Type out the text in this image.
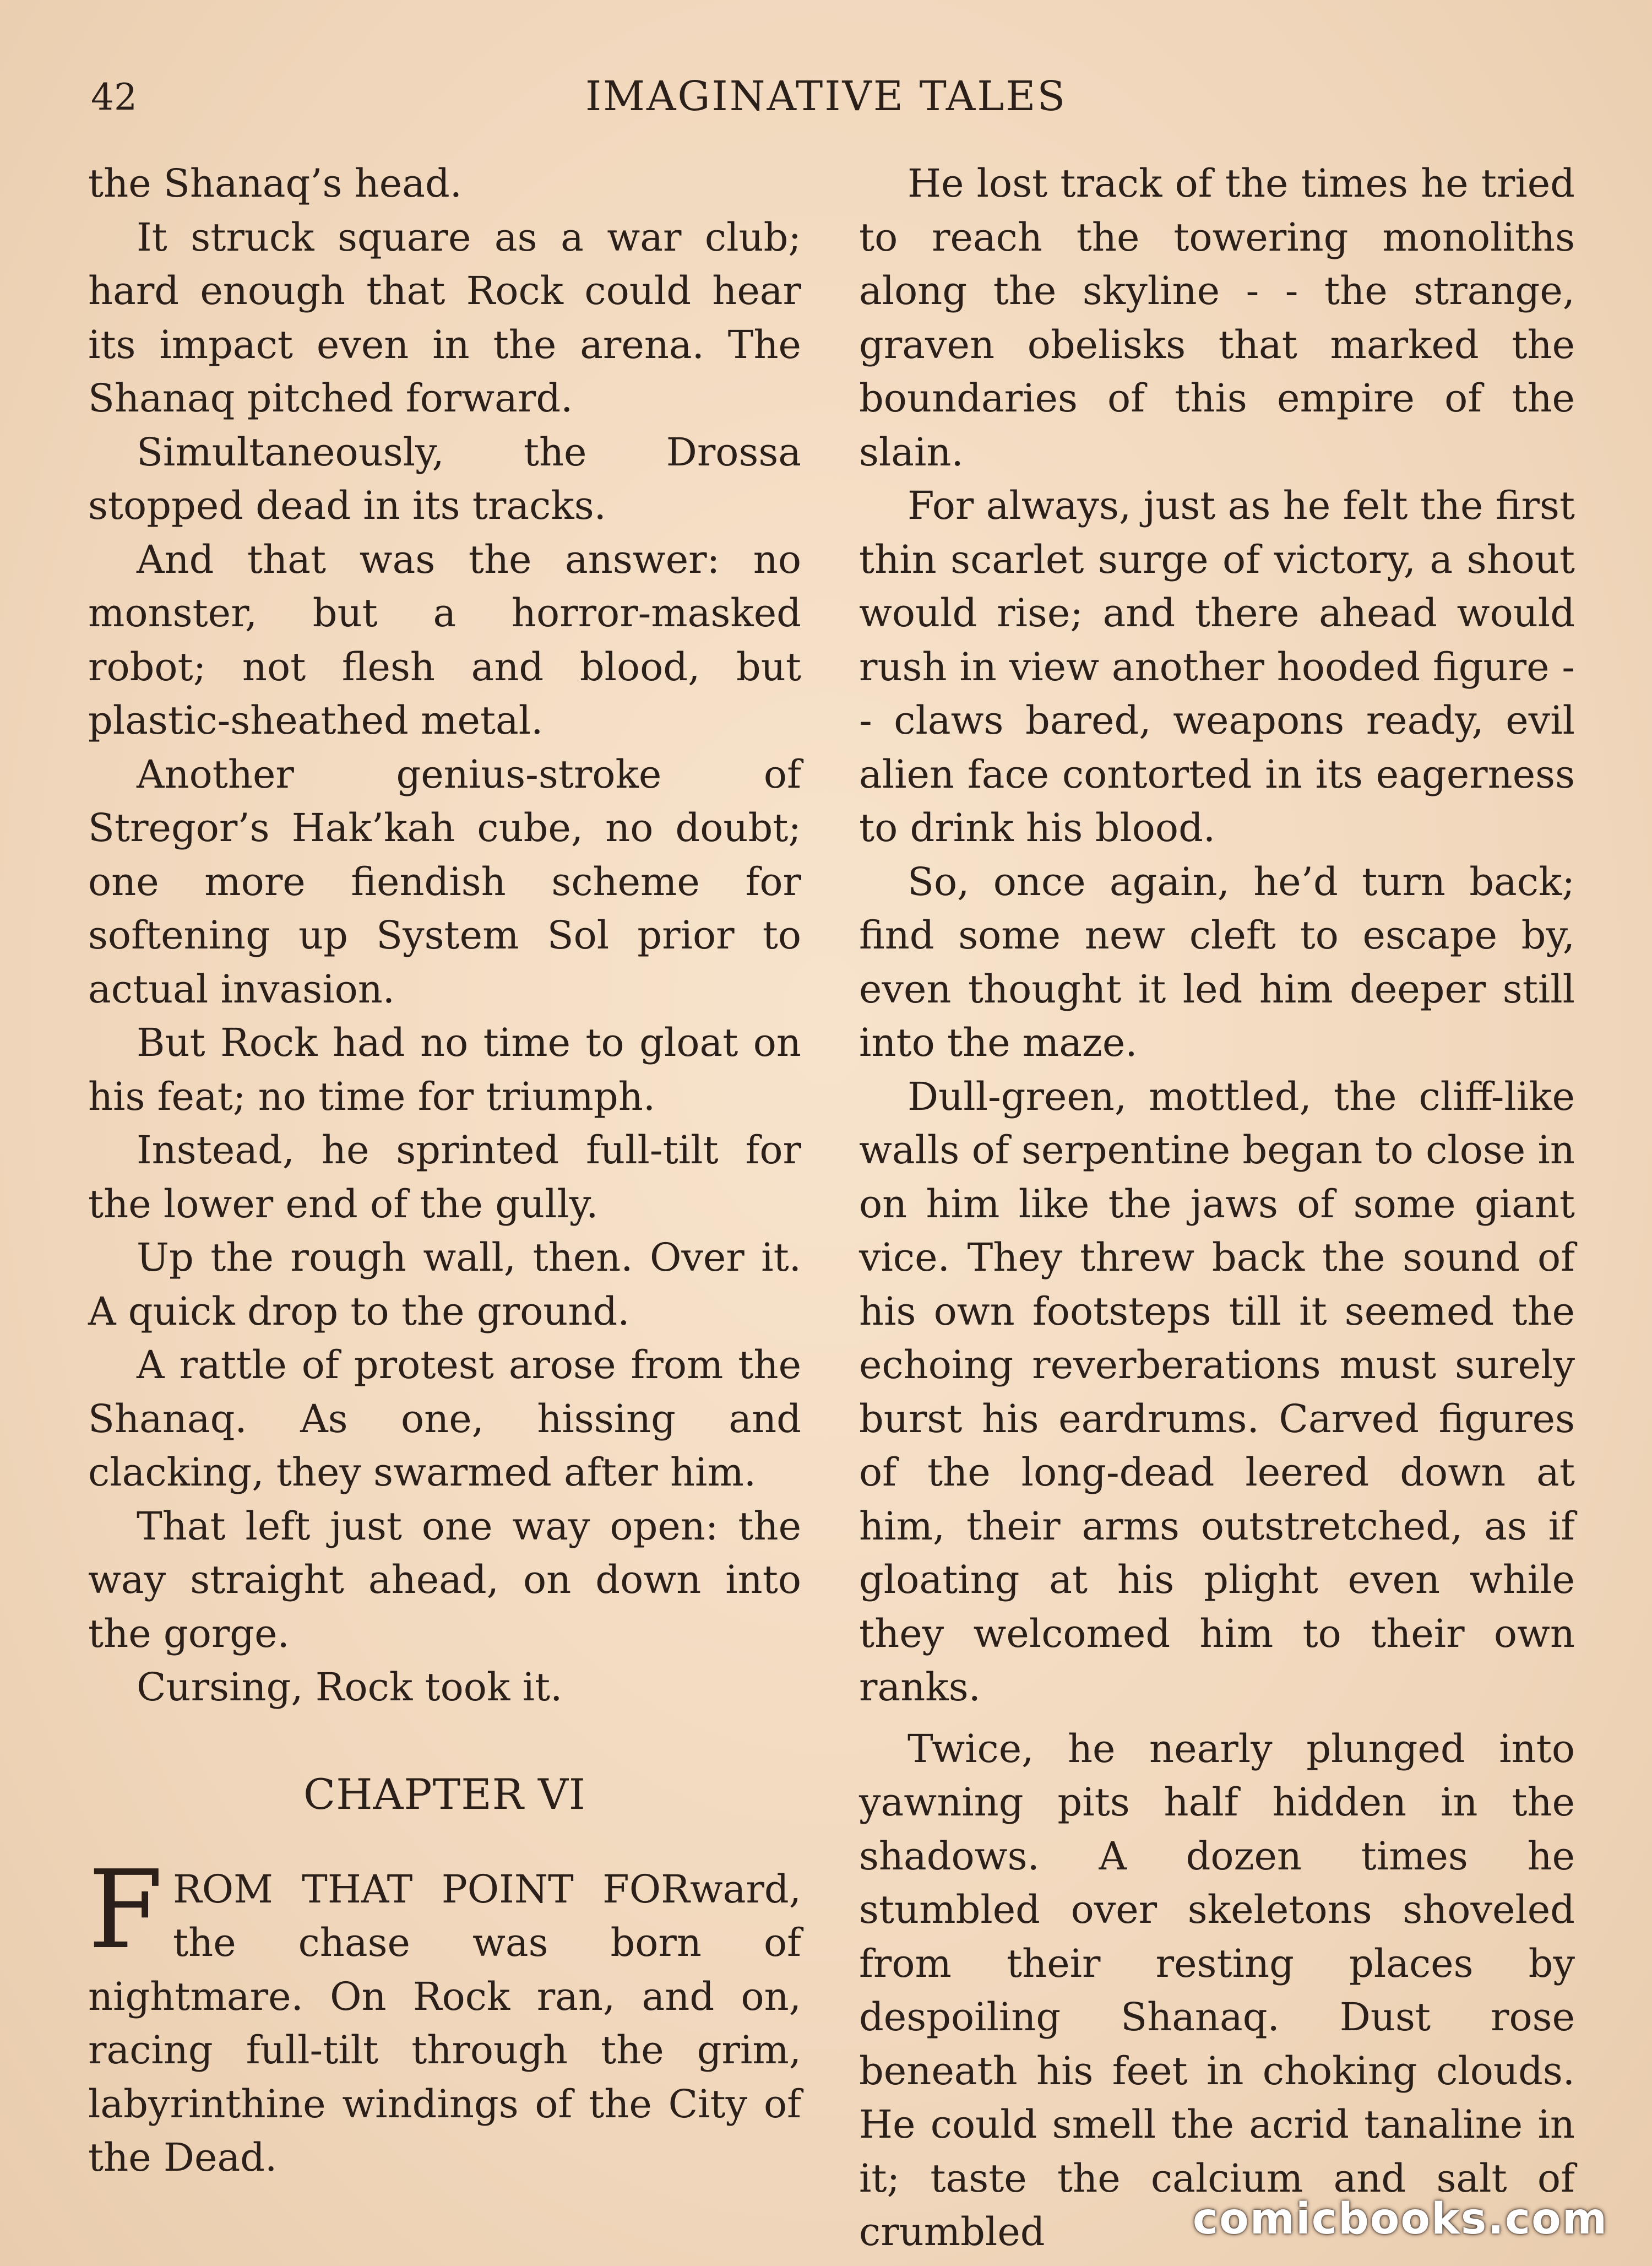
42	IMAGINATIVE TALES

the Shanaq’s head.

It struck square as a war club; hard enough that Rock could hear its impact even in the arena. The Shanaq pitched forward.

Simultaneously, the Drossa stopped dead in its tracks.

And that was the answer: no monster, but a horror-masked robot; not flesh and blood, but plastic-sheathed metal.

Another genius-stroke of Stregor’s Hak’kah cube, no doubt; one more fiendish scheme for softening up System Sol prior to actual invasion.

But Rock had no time to gloat on his feat; no time for triumph.

Instead, he sprinted full-tilt for the lower end of the gully.

Up the rough wall, then. Over it. A quick drop to the ground.

A rattle of protest arose from the Shanaq. As one, hissing and clacking, they swarmed after him.

That left just one way open: the way straight ahead, on down into the gorge.

Cursing, Rock took it.

CHAPTER VI

FROM THAT POINT FORward, the chase was born of nightmare. On Rock ran, and on, racing full-tilt through the grim, labyrinthine windings of the City of the Dead.

He lost track of the times he tried to reach the towering monoliths along the skyline - - the strange, graven obelisks that marked the boundaries of this empire of the slain.

For always, just as he felt the first thin scarlet surge of victory, a shout would rise; and there ahead would rush in view another hooded figure - - claws bared, weapons ready, evil alien face contorted in its eagerness to drink his blood.

So, once again, he’d turn back; find some new cleft to escape by, even thought it led him deeper still into the maze.

Dull-green, mottled, the cliff-like walls of serpentine began to close in on him like the jaws of some giant vice. They threw back the sound of his own footsteps till it seemed the echoing reverberations must surely burst his eardrums. Carved figures of the long-dead leered down at him, their arms outstretched, as if gloating at his plight even while they welcomed him to their own ranks.

Twice, he nearly plunged into yawning pits half hidden in the shadows. A dozen times he stumbled over skeletons shoveled from their resting places by despoiling Shanaq. Dust rose beneath his feet in choking clouds. He could smell the acrid tanaline in it; taste the calcium and salt of crumbled	comicbooks.com
